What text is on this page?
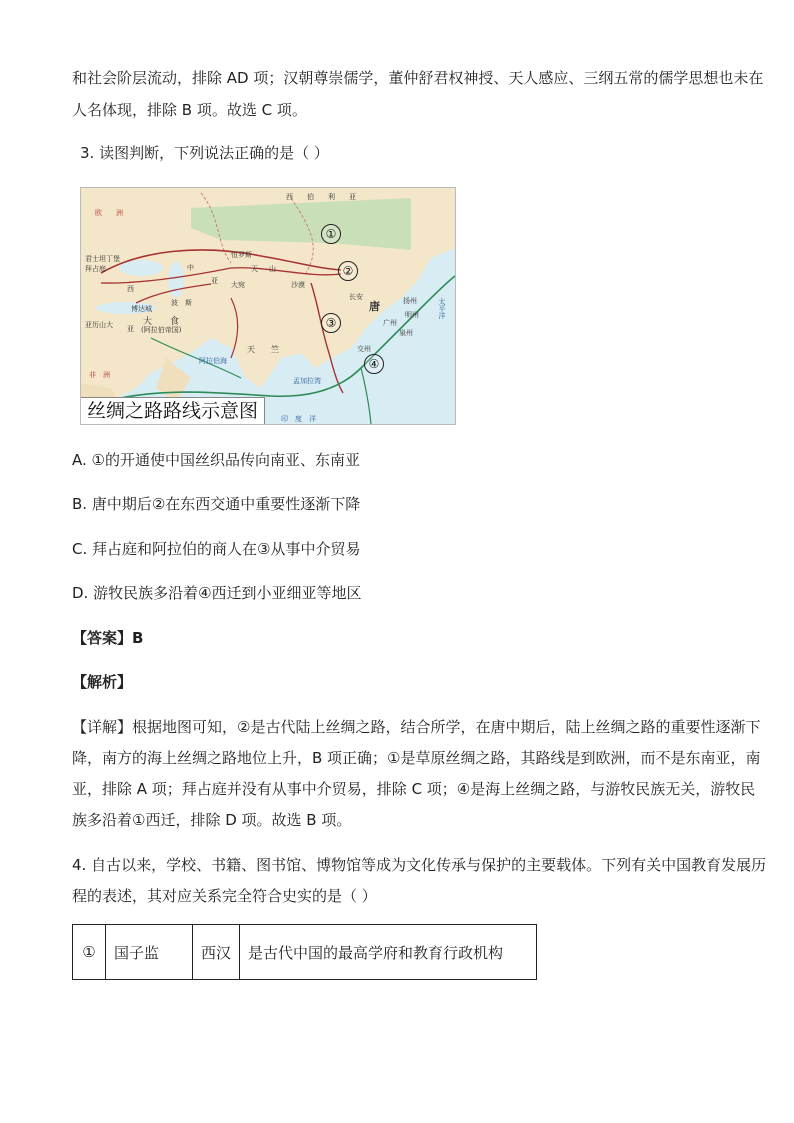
和社会阶层流动，排除 AD 项；汉朝尊崇儒学，董仲舒君权神授、天人感应、三纲五常的儒学思想也未在
人名体现，排除 B 项。故选 C 项。
3. 读图判断，下列说法正确的是（ ）
西　　伯　　利　　亚
欧　　洲
君士坦丁堡
拜占庭
西
中
亚 大宛
恒罗斯
天 山
沙漠
长安
唐
博达城
波　斯
大　　食
(阿拉伯帝国)
亚历山大 亚
天　　竺
广州
泉州
扬州
明州
交州
非　洲
印　度　洋
太平洋
孟加拉湾
阿拉伯海
①
②
③
④
丝绸之路路线示意图
A. ①的开通使中国丝织品传向南亚、东南亚
B. 唐中期后②在东西交通中重要性逐渐下降
C. 拜占庭和阿拉伯的商人在③从事中介贸易
D. 游牧民族多沿着④西迁到小亚细亚等地区
【答案】B
【解析】
【详解】根据地图可知，②是古代陆上丝绸之路，结合所学，在唐中期后，陆上丝绸之路的重要性逐渐下
降，南方的海上丝绸之路地位上升，B 项正确；①是草原丝绸之路，其路线是到欧洲，而不是东南亚，南
亚，排除 A 项；拜占庭并没有从事中介贸易，排除 C 项；④是海上丝绸之路，与游牧民族无关，游牧民
族多沿着①西迁，排除 D 项。故选 B 项。
4. 自古以来，学校、书籍、图书馆、博物馆等成为文化传承与保护的主要载体。下列有关中国教育发展历
程的表述，其对应关系完全符合史实的是（ ）
①	国子监	西汉	是古代中国的最高学府和教育行政机构
